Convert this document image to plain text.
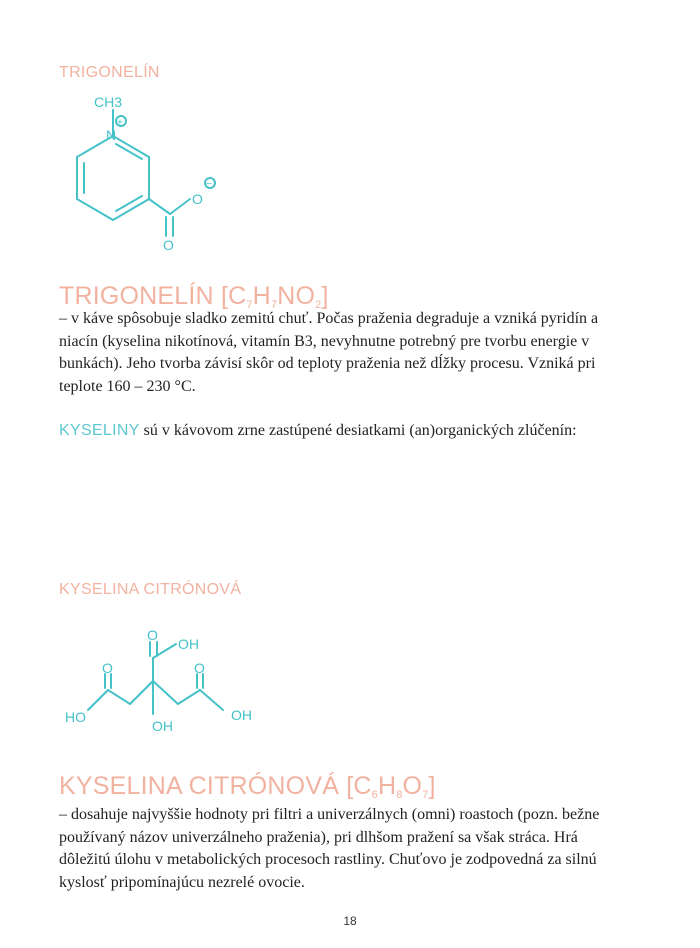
TRIGONELÍN

CH3
N
+
O
−
O
TRIGONELÍN $[C_7H_7NO_2]$

– v káve spôsobuje sladko zemitú chuť. Počas praženia degraduje a vzniká pyridín a niacín (kyselina nikotínová, vitamín B3, nevyhnutne potrebný pre tvorbu energie v bunkách). Jeho tvorba závisí skôr od teploty praženia než dĺžky procesu. Vzniká pri teplote 160 – 230 °C.

KYSELINY sú v kávovom zrne zastúpené desiatkami (an)organických zlúčenín:

KYSELINA CITRÓNOVÁ

O
OH
O	O
HO	OH
OH
KYSELINA CITRÓNOVÁ $[C_6H_8O_7]$

– dosahuje najvyššie hodnoty pri filtri a univerzálnych (omni) roastoch (pozn. bežne používaný názov univerzálneho praženia), pri dlhšom pražení sa však stráca. Hrá dôležitú úlohu v metabolických procesoch rastliny. Chuťovo je zodpovedná za silnú kyslosť pripomínajúcu nezrelé ovocie.

18
